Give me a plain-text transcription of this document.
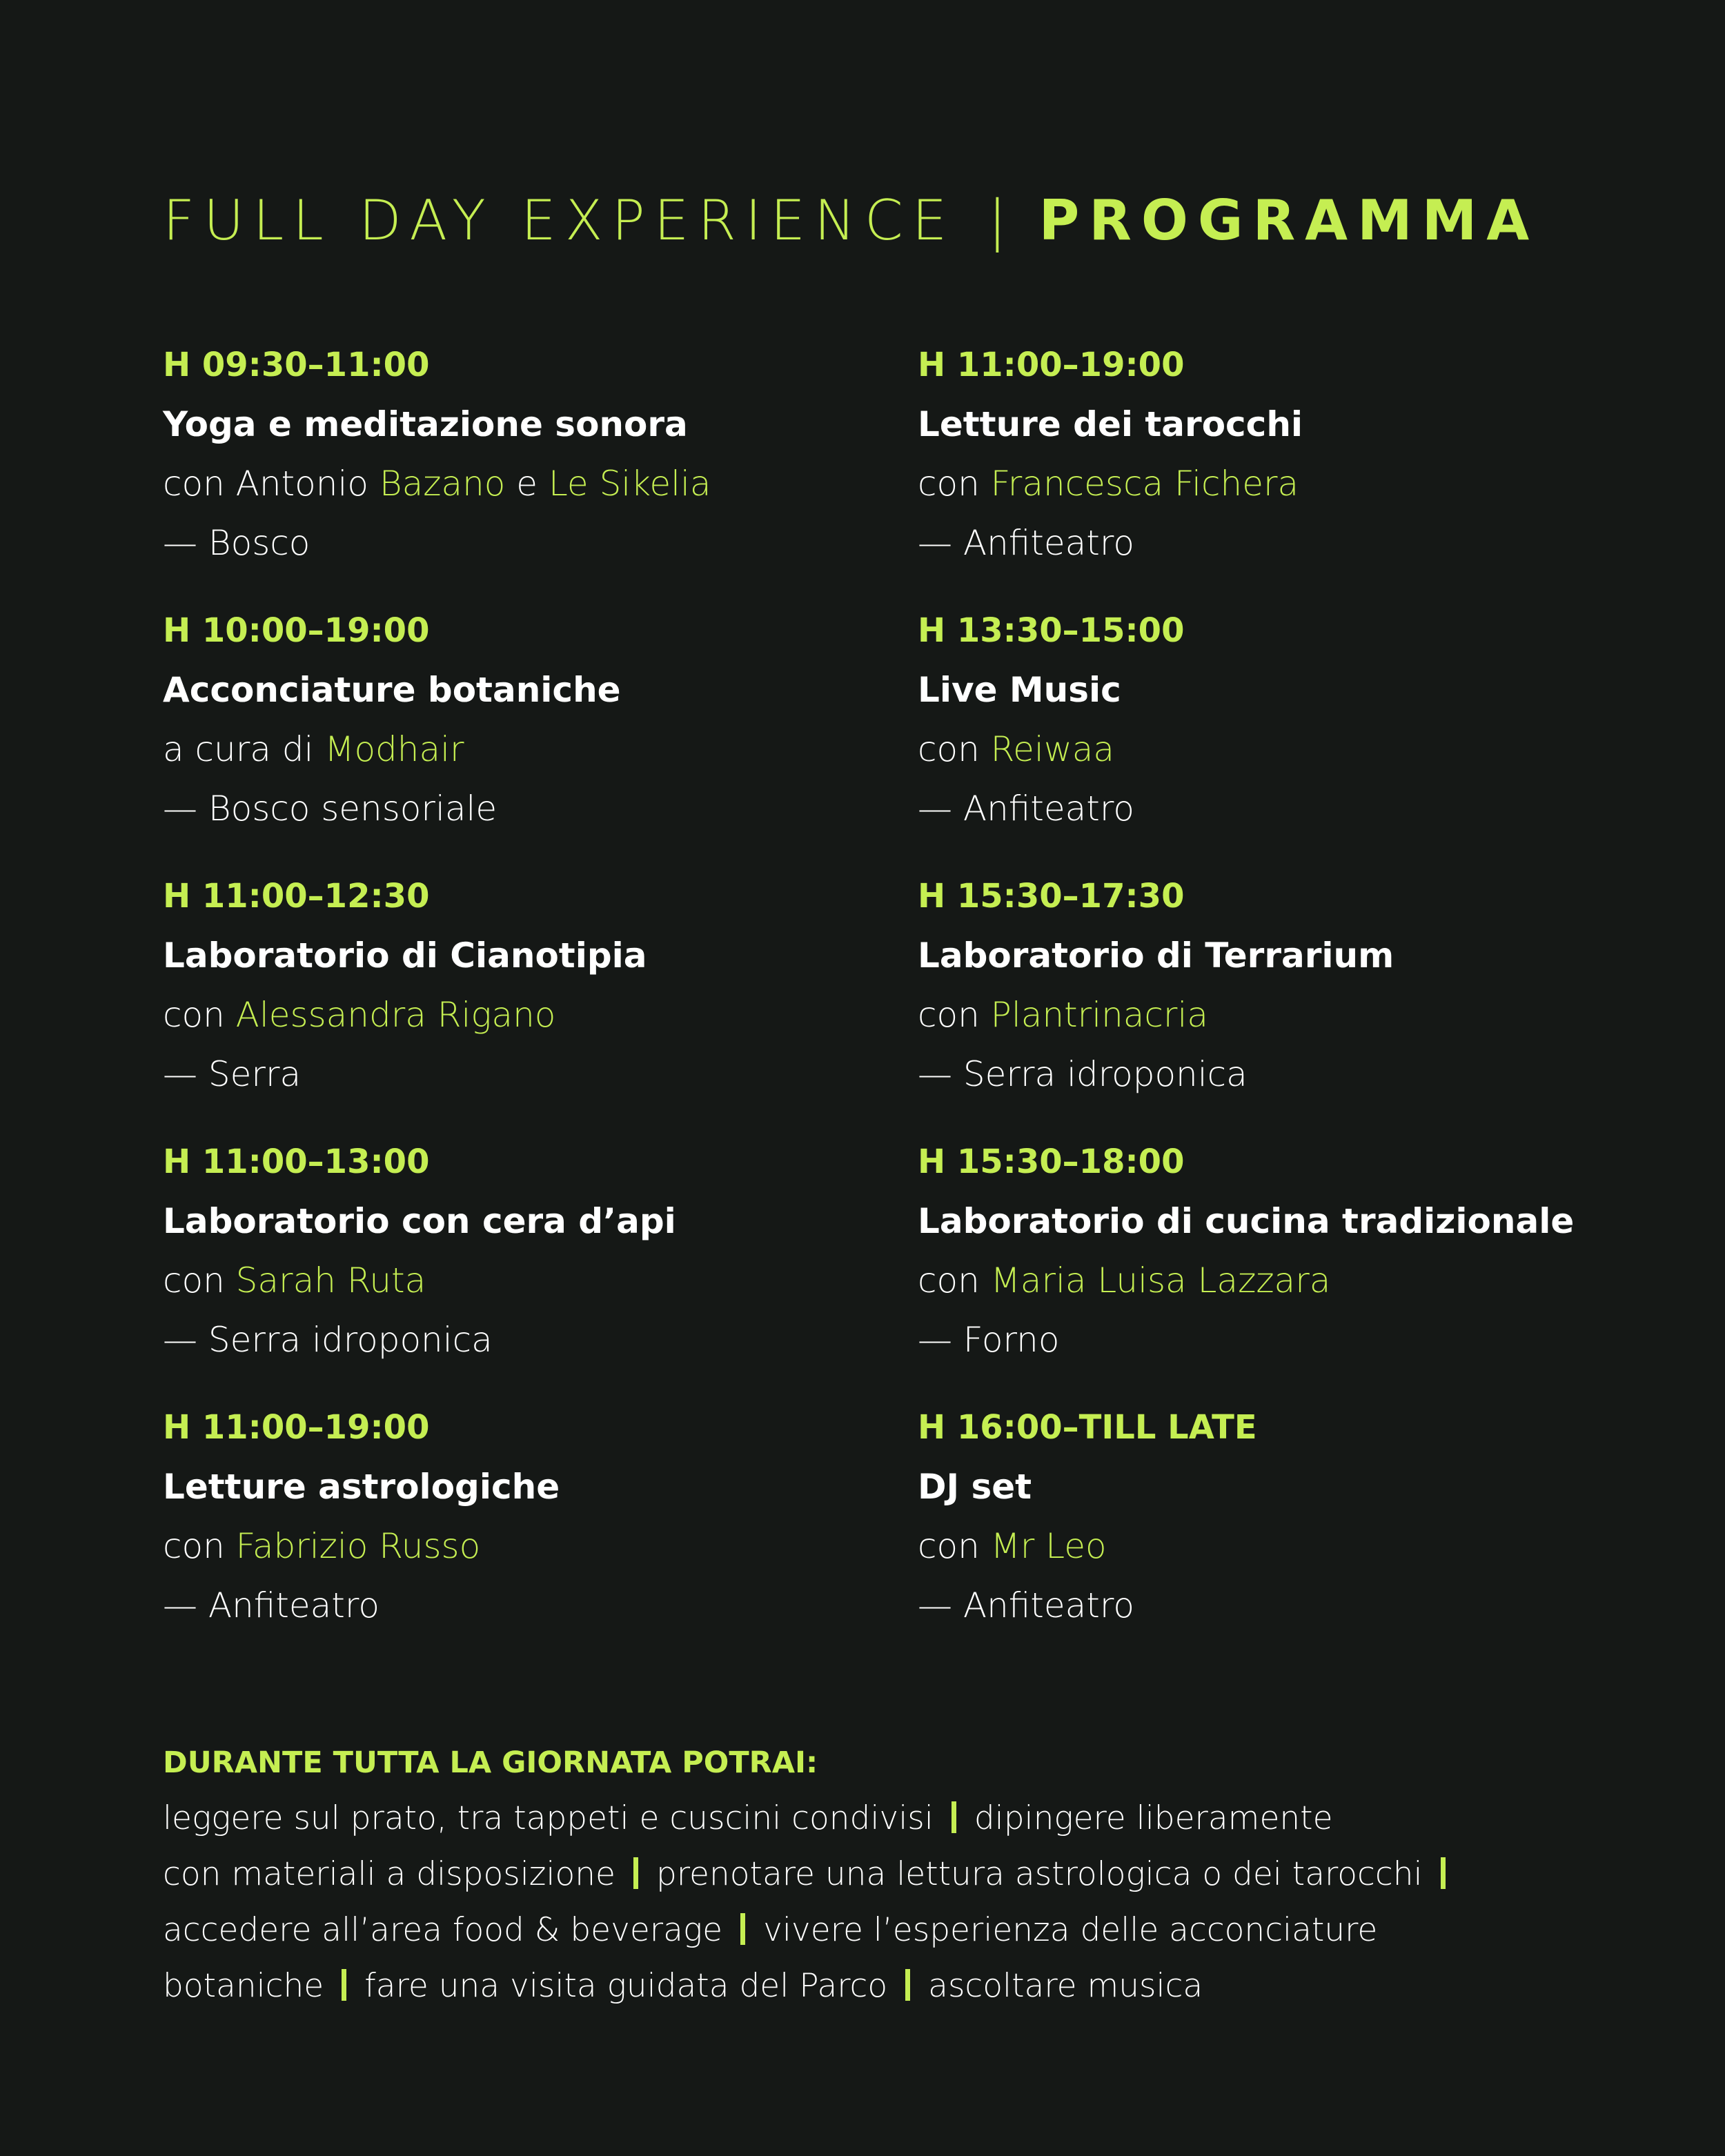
FULL DAY EXPERIENCE | PROGRAMMA
H 09:30–11:00
Yoga e meditazione sonora
con Antonio Bazano e Le Sikelia
— Bosco
H 10:00–19:00
Acconciature botaniche
a cura di Modhair
— Bosco sensoriale
H 11:00–12:30
Laboratorio di Cianotipia
con Alessandra Rigano
— Serra
H 11:00–13:00
Laboratorio con cera d’api
con Sarah Ruta
— Serra idroponica
H 11:00–19:00
Letture astrologiche
con Fabrizio Russo
— Anfiteatro
H 11:00–19:00
Letture dei tarocchi
con Francesca Fichera
— Anfiteatro
H 13:30–15:00
Live Music
con Reiwaa
— Anfiteatro
H 15:30–17:30
Laboratorio di Terrarium
con Plantrinacria
— Serra idroponica
H 15:30–18:00
Laboratorio di cucina tradizionale
con Maria Luisa Lazzara
— Forno
H 16:00–TILL LATE
DJ set
con Mr Leo
— Anfiteatro
DURANTE TUTTA LA GIORNATA POTRAI:
leggere sul prato, tra tappeti e cuscini condivisi dipingere liberamente
con materiali a disposizione prenotare una lettura astrologica o dei tarocchi
accedere all’area food & beverage vivere l’esperienza delle acconciature
botaniche fare una visita guidata del Parco ascoltare musica
